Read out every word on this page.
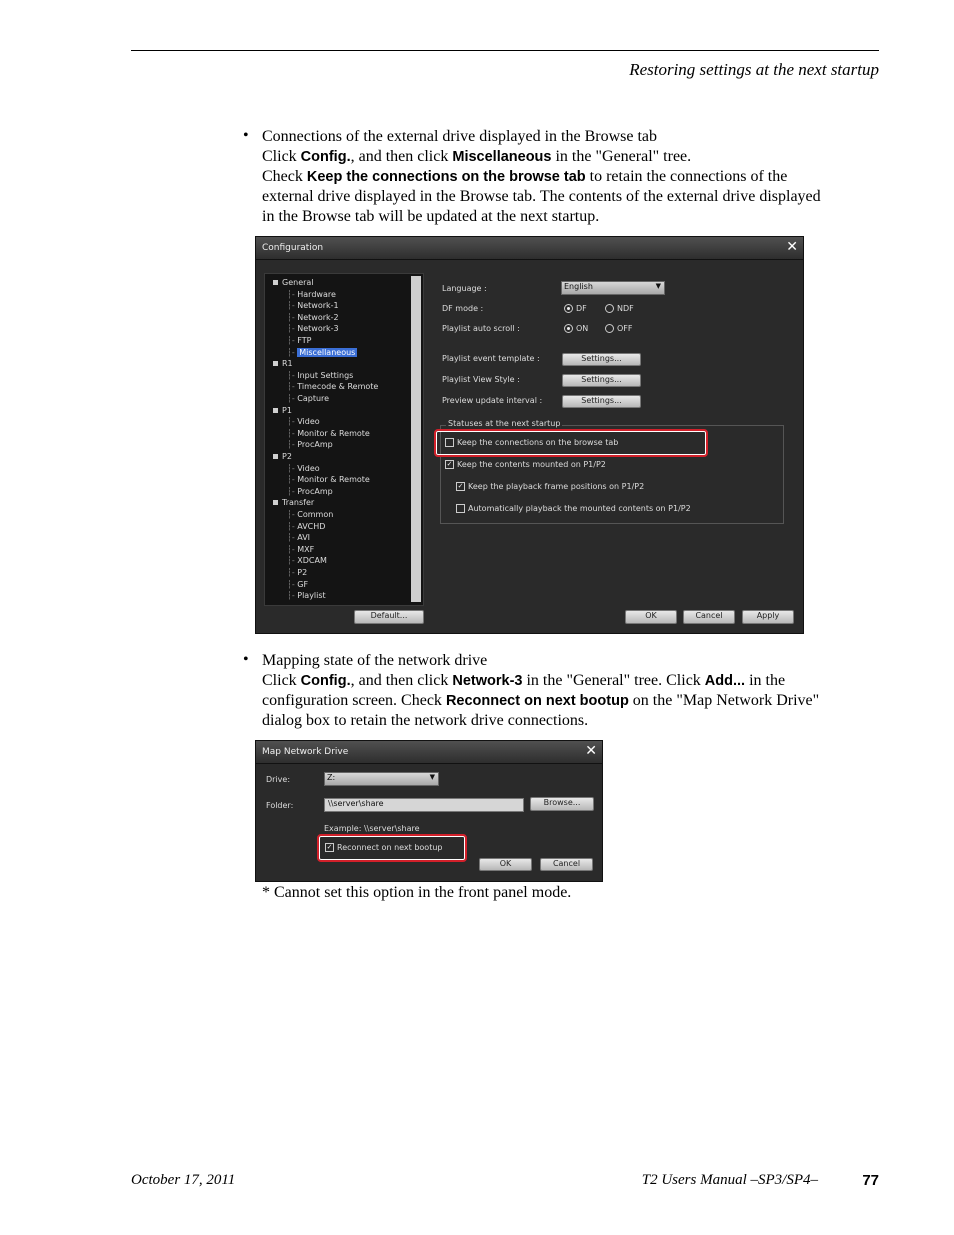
Restoring settings at the next startup
• Connections of the external drive displayed in the Browse tab
Click Config., and then click Miscellaneous in the "General" tree.
Check Keep the connections on the browse tab to retain the connections of the external drive displayed in the Browse tab. The contents of the external drive displayed in the Browse tab will be updated at the next startup.
Configuration	✕
General
┆- Hardware
┆- Network-1
┆- Network-2
┆- Network-3
┆- FTP
┆- Miscellaneous
R1
┆- Input Settings
┆- Timecode & Remote
┆- Capture
P1
┆- Video
┆- Monitor & Remote
┆- ProcAmp
P2
┆- Video
┆- Monitor & Remote
┆- ProcAmp
Transfer
┆- Common
┆- AVCHD
┆- AVI
┆- MXF
┆- XDCAM
┆- P2
┆- GF
┆- Playlist
Language :	English	▼
DF mode :	DF	NDF
Playlist auto scroll :	ON	OFF
Playlist event template :	Settings...
Playlist View Style :	Settings...
Preview update interval :	Settings...
Statuses at the next startup
Keep the connections on the browse tab
✓ Keep the contents mounted on P1/P2
✓ Keep the playback frame positions on P1/P2
Automatically playback the mounted contents on P1/P2
Default...	OK	Cancel	Apply
• Mapping state of the network drive
Click Config., and then click Network-3 in the "General" tree. Click Add... in the configuration screen. Check Reconnect on next bootup on the "Map Network Drive" dialog box to retain the network drive connections.
Map Network Drive	✕
Drive:	Z:	▼
Folder:	\\server\share	Browse...
Example: \\server\share
✓ Reconnect on next bootup
OK	Cancel
* Cannot set this option in the front panel mode.
October 17, 2011	T2 Users Manual –SP3/SP4–	77
